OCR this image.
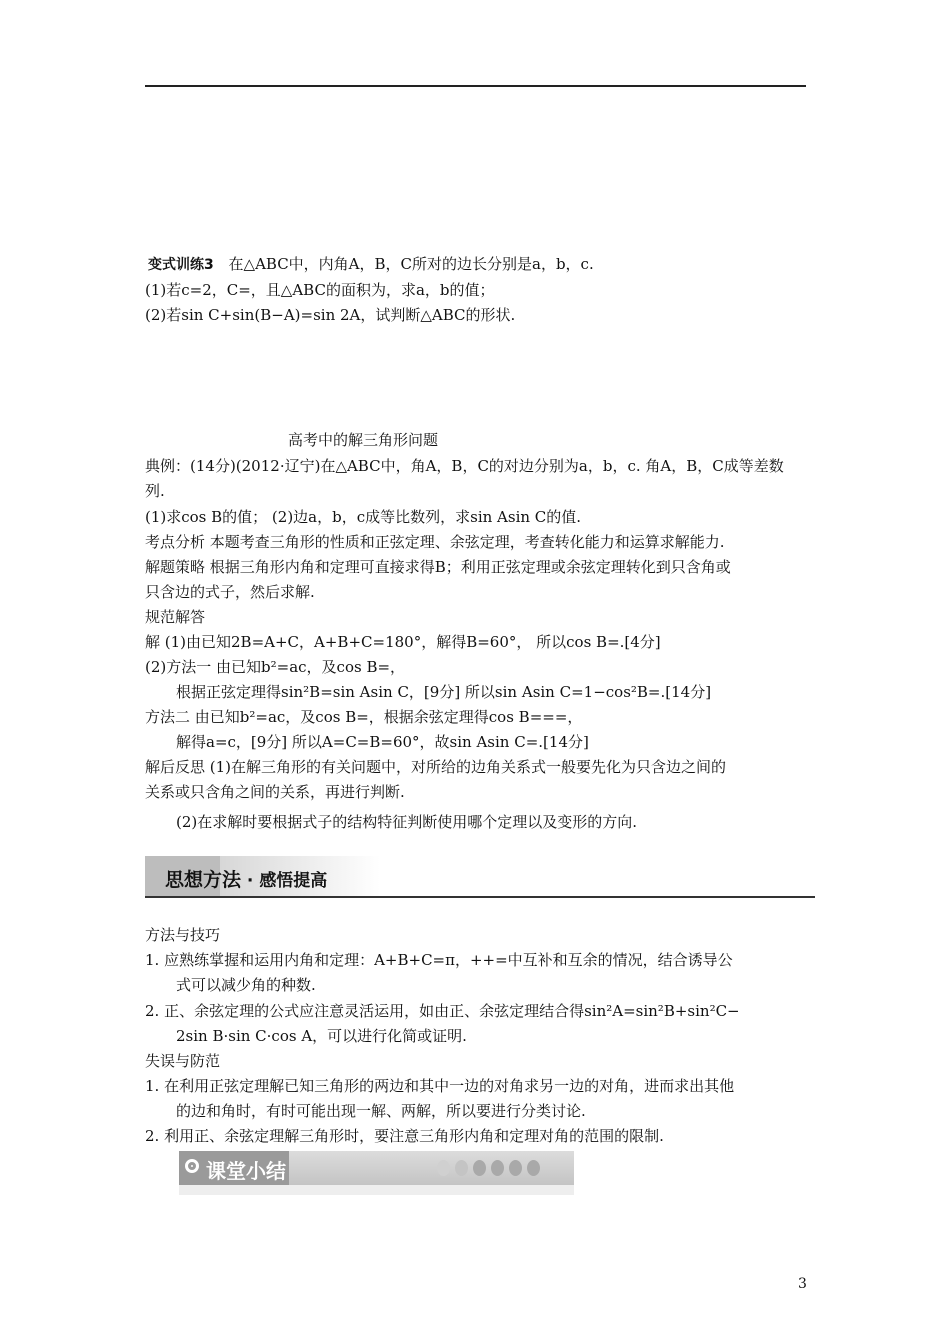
变式训练3 在△ABC中，内角A，B，C所对的边长分别是a，b，c.
(1)若c=2，C=，且△ABC的面积为，求a，b的值；
(2)若sin C+sin(B−A)=sin 2A，试判断△ABC的形状.
高考中的解三角形问题
典例：(14分)(2012·辽宁)在△ABC中，角A，B，C的对边分别为a，b，c. 角A，B，C成等差数
列.
(1)求cos B的值； (2)边a，b，c成等比数列，求sin Asin C的值.
考点分析 本题考查三角形的性质和正弦定理、余弦定理，考查转化能力和运算求解能力.
解题策略 根据三角形内角和定理可直接求得B；利用正弦定理或余弦定理转化到只含角或
只含边的式子，然后求解.
规范解答
解 (1)由已知2B=A+C，A+B+C=180°，解得B=60°， 所以cos B=.[4分]
(2)方法一 由已知b²=ac，及cos B=，
根据正弦定理得sin²B=sin Asin C，[9分] 所以sin Asin C=1−cos²B=.[14分]
方法二 由已知b²=ac，及cos B=，根据余弦定理得cos B===，
解得a=c，[9分] 所以A=C=B=60°，故sin Asin C=.[14分]
解后反思 (1)在解三角形的有关问题中，对所给的边角关系式一般要先化为只含边之间的
关系或只含角之间的关系，再进行判断.
(2)在求解时要根据式子的结构特征判断使用哪个定理以及变形的方向.
思想方法 · 感悟提高
方法与技巧
1. 应熟练掌握和运用内角和定理：A+B+C=π，++=中互补和互余的情况，结合诱导公
式可以减少角的种数.
2. 正、余弦定理的公式应注意灵活运用，如由正、余弦定理结合得sin²A=sin²B+sin²C−
2sin B·sin C·cos A，可以进行化简或证明.
失误与防范
1. 在利用正弦定理解已知三角形的两边和其中一边的对角求另一边的对角，进而求出其他
的边和角时，有时可能出现一解、两解，所以要进行分类讨论.
2. 利用正、余弦定理解三角形时，要注意三角形内角和定理对角的范围的限制.
课堂小结
3
